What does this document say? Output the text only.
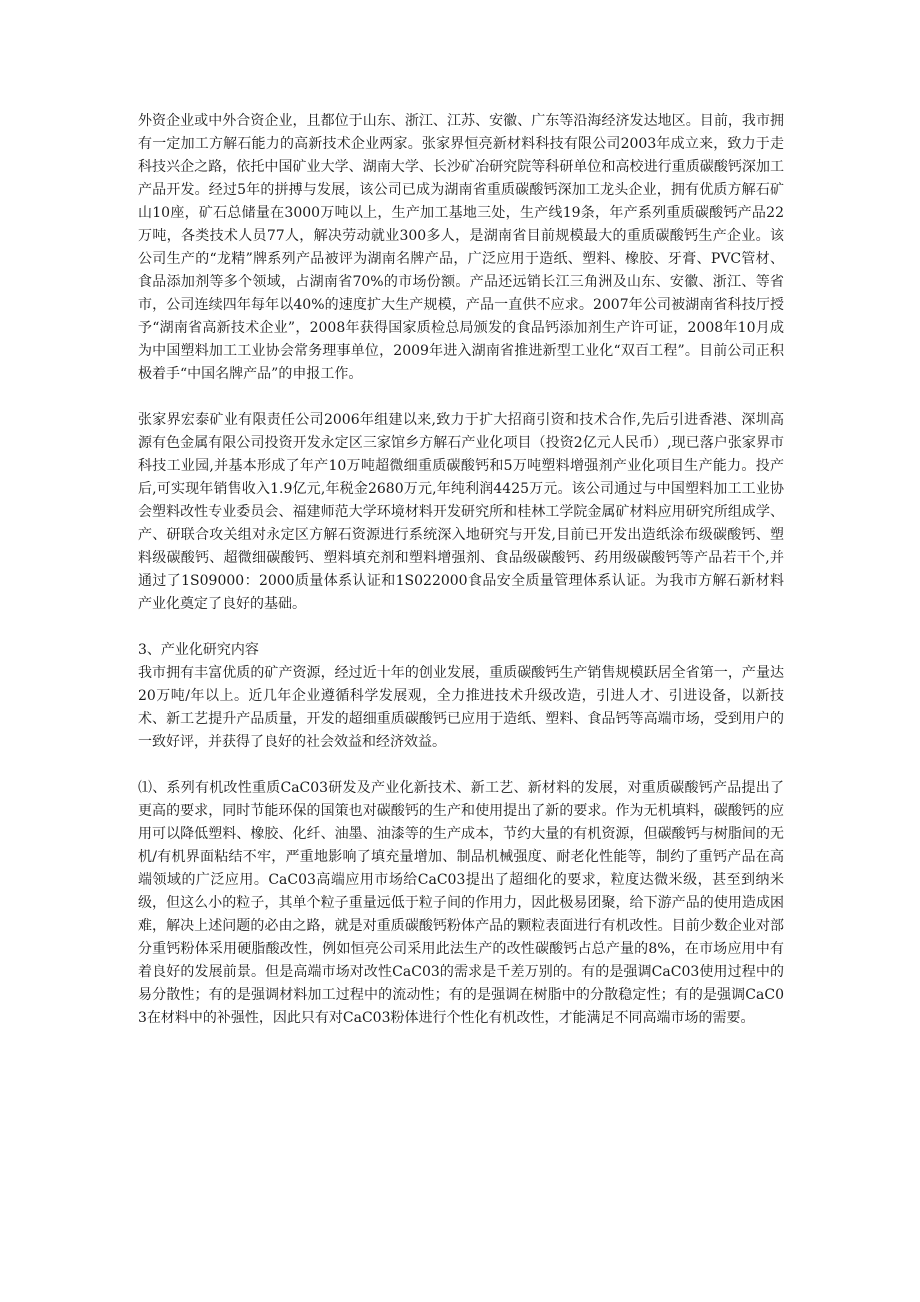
外资企业或中外合资企业，且都位于山东、浙江、江苏、安徽、广东等沿海经济发达地区。目前，我市拥有一定加工方解石能力的高新技术企业两家。张家界恒亮新材料科技有限公司2003年成立来，致力于走科技兴企之路，依托中国矿业大学、湖南大学、长沙矿冶研究院等科研单位和高校进行重质碳酸钙深加工产品开发。经过5年的拼搏与发展，该公司已成为湖南省重质碳酸钙深加工龙头企业，拥有优质方解石矿山10座，矿石总储量在3000万吨以上，生产加工基地三处，生产线19条，年产系列重质碳酸钙产品22万吨，各类技术人员77人，解决劳动就业300多人，是湖南省目前规模最大的重质碳酸钙生产企业。该公司生产的“龙精”牌系列产品被评为湖南名牌产品，广泛应用于造纸、塑料、橡胶、牙膏、PVC管材、食品添加剂等多个领域，占湖南省70%的市场份额。产品还远销长江三角洲及山东、安徽、浙江、等省市，公司连续四年每年以40%的速度扩大生产规模，产品一直供不应求。2007年公司被湖南省科技厅授予“湖南省高新技术企业”，2008年获得国家质检总局颁发的食品钙添加剂生产许可证，2008年10月成为中国塑料加工工业协会常务理事单位，2009年进入湖南省推进新型工业化“双百工程”。目前公司正积极着手“中国名牌产品”的申报工作。

张家界宏泰矿业有限责任公司2006年组建以来,致力于扩大招商引资和技术合作,先后引进香港、深圳高源有色金属有限公司投资开发永定区三家馆乡方解石产业化项目（投资2亿元人民币）,现已落户张家界市科技工业园,并基本形成了年产10万吨超微细重质碳酸钙和5万吨塑料增强剂产业化项目生产能力。投产后,可实现年销售收入1.9亿元,年税金2680万元,年纯利润4425万元。该公司通过与中国塑料加工工业协会塑料改性专业委员会、福建师范大学环境材料开发研究所和桂林工学院金属矿材料应用研究所组成学、产、研联合攻关组对永定区方解石资源进行系统深入地研究与开发,目前已开发出造纸涂布级碳酸钙、塑料级碳酸钙、超微细碳酸钙、塑料填充剂和塑料增强剂、食品级碳酸钙、药用级碳酸钙等产品若干个,并通过了1S09000：2000质量体系认证和1S022000食品安全质量管理体系认证。为我市方解石新材料产业化奠定了良好的基础。

3、产业化研究内容

我市拥有丰富优质的矿产资源，经过近十年的创业发展，重质碳酸钙生产销售规模跃居全省第一，产量达20万吨/年以上。近几年企业遵循科学发展观，全力推进技术升级改造，引进人才、引进设备，以新技术、新工艺提升产品质量，开发的超细重质碳酸钙已应用于造纸、塑料、食品钙等高端市场，受到用户的一致好评，并获得了良好的社会效益和经济效益。

⑴、系列有机改性重质CaC03研发及产业化新技术、新工艺、新材料的发展，对重质碳酸钙产品提出了更高的要求，同时节能环保的国策也对碳酸钙的生产和使用提出了新的要求。作为无机填料，碳酸钙的应用可以降低塑料、橡胶、化纤、油墨、油漆等的生产成本，节约大量的有机资源，但碳酸钙与树脂间的无机/有机界面粘结不牢，严重地影响了填充量增加、制品机械强度、耐老化性能等，制约了重钙产品在高端领域的广泛应用。CaC03高端应用市场给CaC03提出了超细化的要求，粒度达微米级，甚至到纳米级，但这么小的粒子，其单个粒子重量远低于粒子间的作用力，因此极易团聚，给下游产品的使用造成困难，解决上述问题的必由之路，就是对重质碳酸钙粉体产品的颗粒表面进行有机改性。目前少数企业对部分重钙粉体采用硬脂酸改性，例如恒亮公司采用此法生产的改性碳酸钙占总产量的8%，在市场应用中有着良好的发展前景。但是高端市场对改性CaC03的需求是千差万别的。有的是强调CaC03使用过程中的易分散性；有的是强调材料加工过程中的流动性；有的是强调在树脂中的分散稳定性；有的是强调CaC03在材料中的补强性，因此只有对CaC03粉体进行个性化有机改性，才能满足不同高端市场的需要。
